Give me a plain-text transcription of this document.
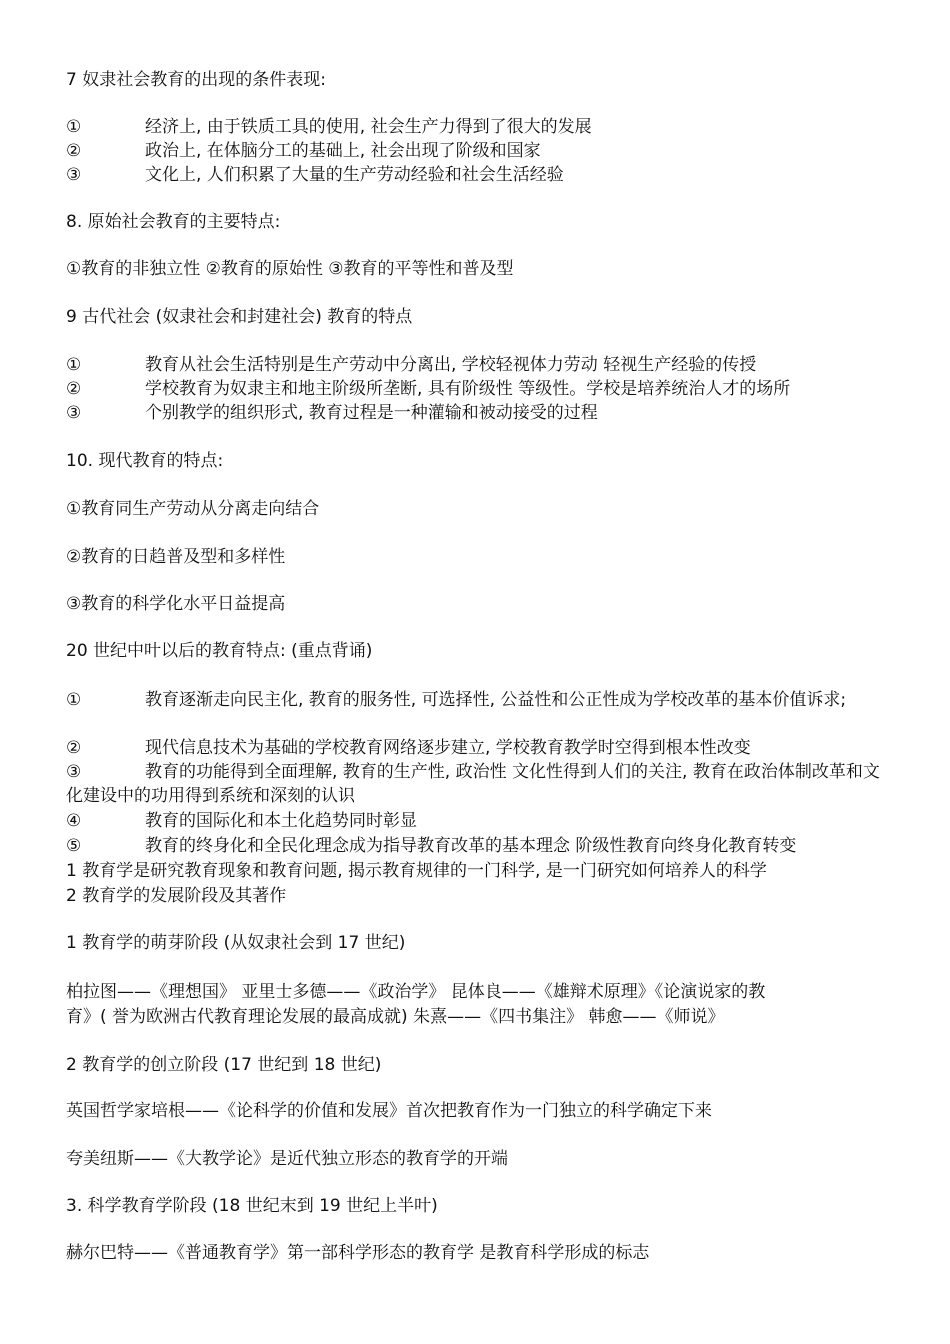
7 奴隶社会教育的出现的条件表现:
①	经济上, 由于铁质工具的使用, 社会生产力得到了很大的发展
②	政治上, 在体脑分工的基础上, 社会出现了阶级和国家
③	文化上, 人们积累了大量的生产劳动经验和社会生活经验
8. 原始社会教育的主要特点:
①教育的非独立性 ②教育的原始性 ③教育的平等性和普及型
9 古代社会 (奴隶社会和封建社会) 教育的特点
①	教育从社会生活特别是生产劳动中分离出, 学校轻视体力劳动 轻视生产经验的传授
②	学校教育为奴隶主和地主阶级所垄断, 具有阶级性 等级性。学校是培养统治人才的场所
③	个别教学的组织形式, 教育过程是一种灌输和被动接受的过程
10. 现代教育的特点:
①教育同生产劳动从分离走向结合
②教育的日趋普及型和多样性
③教育的科学化水平日益提高
20 世纪中叶以后的教育特点: (重点背诵)
①	教育逐渐走向民主化, 教育的服务性, 可选择性, 公益性和公正性成为学校改革的基本价值诉求;
②	现代信息技术为基础的学校教育网络逐步建立, 学校教育教学时空得到根本性改变
③	教育的功能得到全面理解, 教育的生产性, 政治性 文化性得到人们的关注, 教育在政治体制改革和文化建设中的功用得到系统和深刻的认识
④	教育的国际化和本土化趋势同时彰显
⑤	教育的终身化和全民化理念成为指导教育改革的基本理念 阶级性教育向终身化教育转变
1 教育学是研究教育现象和教育问题, 揭示教育规律的一门科学, 是一门研究如何培养人的科学
2 教育学的发展阶段及其著作
1 教育学的萌芽阶段 (从奴隶社会到 17 世纪)
柏拉图——《理想国》 亚里士多德——《政治学》 昆体良——《雄辩术原理》《论演说家的教
育》( 誉为欧洲古代教育理论发展的最高成就) 朱熹——《四书集注》 韩愈——《师说》
2 教育学的创立阶段 (17 世纪到 18 世纪)
英国哲学家培根——《论科学的价值和发展》首次把教育作为一门独立的科学确定下来
夸美纽斯——《大教学论》是近代独立形态的教育学的开端
3. 科学教育学阶段 (18 世纪末到 19 世纪上半叶)
赫尔巴特——《普通教育学》第一部科学形态的教育学 是教育科学形成的标志
